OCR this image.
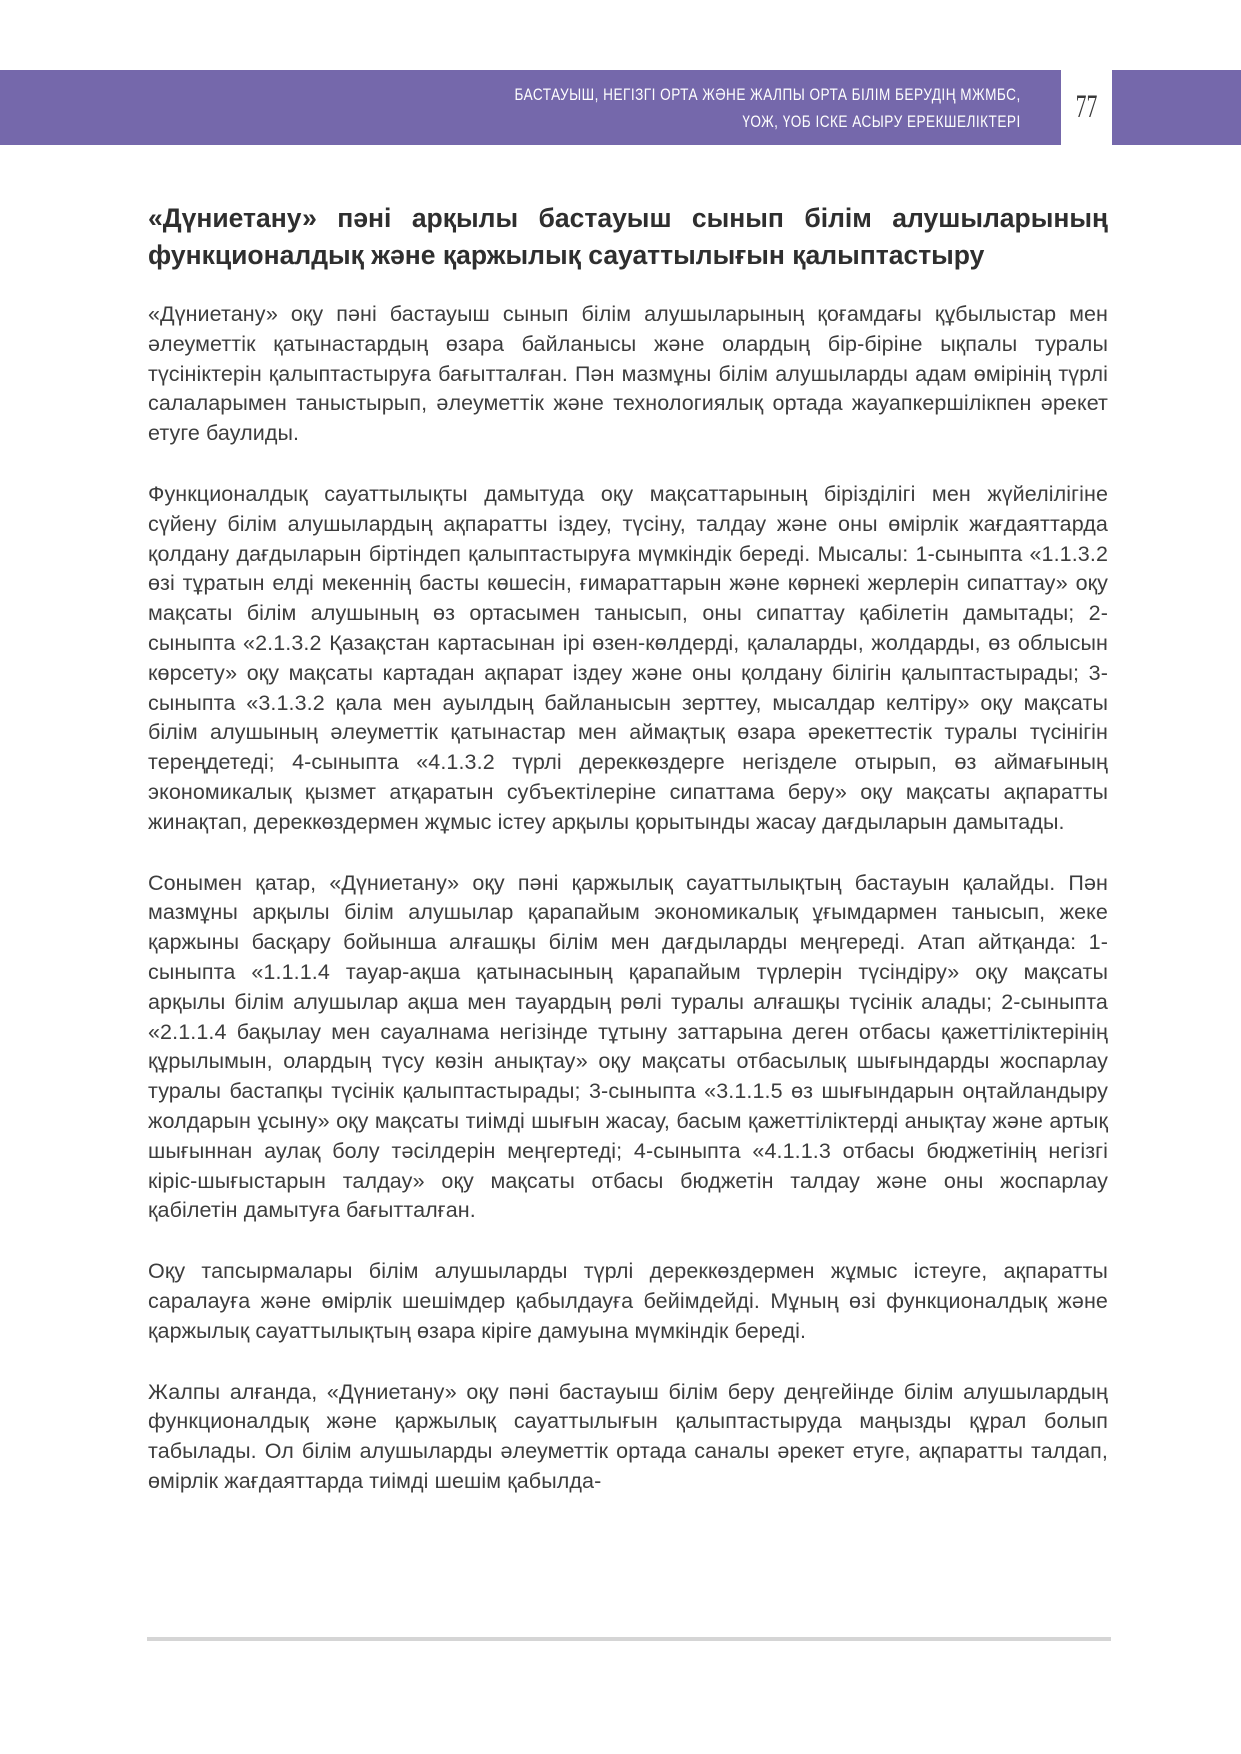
БАСТАУЫШ, НЕГІЗГІ ОРТА ЖӘНЕ ЖАЛПЫ ОРТА БІЛІМ БЕРУДІҢ МЖМБС,
ҮОЖ, ҮОБ ІСКЕ АСЫРУ ЕРЕКШЕЛІКТЕРІ 77
«Дүниетану» пәні арқылы бастауыш сынып білім алушыларының функционалдық және қаржылық сауаттылығын қалыптастыру

«Дүниетану» оқу пәні бастауыш сынып білім алушыларының қоғамдағы құбылыстар мен әлеуметтік қатынастардың өзара байланысы және олардың бір-біріне ықпалы туралы түсініктерін қалыптастыруға бағытталған. Пән мазмұны білім алушыларды адам өмірінің түрлі салаларымен таныстырып, әлеуметтік және технологиялық ортада жауапкершілікпен әрекет етуге баулиды.

Функционалдық сауаттылықты дамытуда оқу мақсаттарының бірізділігі мен жүйелілігіне сүйену білім алушылардың ақпаратты іздеу, түсіну, талдау және оны өмірлік жағдаяттарда қолдану дағдыларын біртіндеп қалыптастыруға мүмкіндік береді. Мысалы: 1-сыныпта «1.1.3.2 өзі тұратын елді мекеннің басты көшесін, ғимараттарын және көрнекі жерлерін сипаттау» оқу мақсаты білім алушының өз ортасымен танысып, оны сипаттау қабілетін дамытады; 2-сыныпта «2.1.3.2 Қазақстан картасынан ірі өзен-көлдерді, қалаларды, жолдарды, өз облысын көрсету» оқу мақсаты картадан ақпарат іздеу және оны қолдану білігін қалыптастырады; 3-сыныпта «3.1.3.2 қала мен ауылдың байланысын зерттеу, мысалдар келтіру» оқу мақсаты білім алушының әлеуметтік қатынастар мен аймақтық өзара әрекеттестік туралы түсінігін тереңдетеді; 4-сыныпта «4.1.3.2 түрлі дереккөздерге негізделе отырып, өз аймағының экономикалық қызмет атқаратын субъектілеріне сипаттама беру» оқу мақсаты ақпаратты жинақтап, дереккөздермен жұмыс істеу арқылы қорытынды жасау дағдыларын дамытады.

Сонымен қатар, «Дүниетану» оқу пәні қаржылық сауаттылықтың бастауын қалайды. Пән мазмұны арқылы білім алушылар қарапайым экономикалық ұғымдармен танысып, жеке қаржыны басқару бойынша алғашқы білім мен дағдыларды меңгереді. Атап айтқанда: 1-сыныпта «1.1.1.4 тауар-ақша қатынасының қарапайым түрлерін түсіндіру» оқу мақсаты арқылы білім алушылар ақша мен тауардың рөлі туралы алғашқы түсінік алады; 2-сыныпта «2.1.1.4 бақылау мен сауалнама негізінде тұтыну заттарына деген отбасы қажеттіліктерінің құрылымын, олардың түсу көзін анықтау» оқу мақсаты отбасылық шығындарды жоспарлау туралы бастапқы түсінік қалыптастырады; 3-сыныпта «3.1.1.5 өз шығындарын оңтайландыру жолдарын ұсыну» оқу мақсаты тиімді шығын жасау, басым қажеттіліктерді анықтау және артық шығыннан аулақ болу тәсілдерін меңгертеді; 4-сыныпта «4.1.1.3 отбасы бюджетінің негізгі кіріс-шығыстарын талдау» оқу мақсаты отбасы бюджетін талдау және оны жоспарлау қабілетін дамытуға бағытталған.

Оқу тапсырмалары білім алушыларды түрлі дереккөздермен жұмыс істеуге, ақпаратты саралауға және өмірлік шешімдер қабылдауға бейімдейді. Мұның өзі функционалдық және қаржылық сауаттылықтың өзара кіріге дамуына мүмкіндік береді.

Жалпы алғанда, «Дүниетану» оқу пәні бастауыш білім беру деңгейінде білім алушылардың функционалдық және қаржылық сауаттылығын қалыптастыруда маңызды құрал болып табылады. Ол білім алушыларды әлеуметтік ортада саналы әрекет етуге, ақпаратты талдап, өмірлік жағдаяттарда тиімді шешім қабылда-
